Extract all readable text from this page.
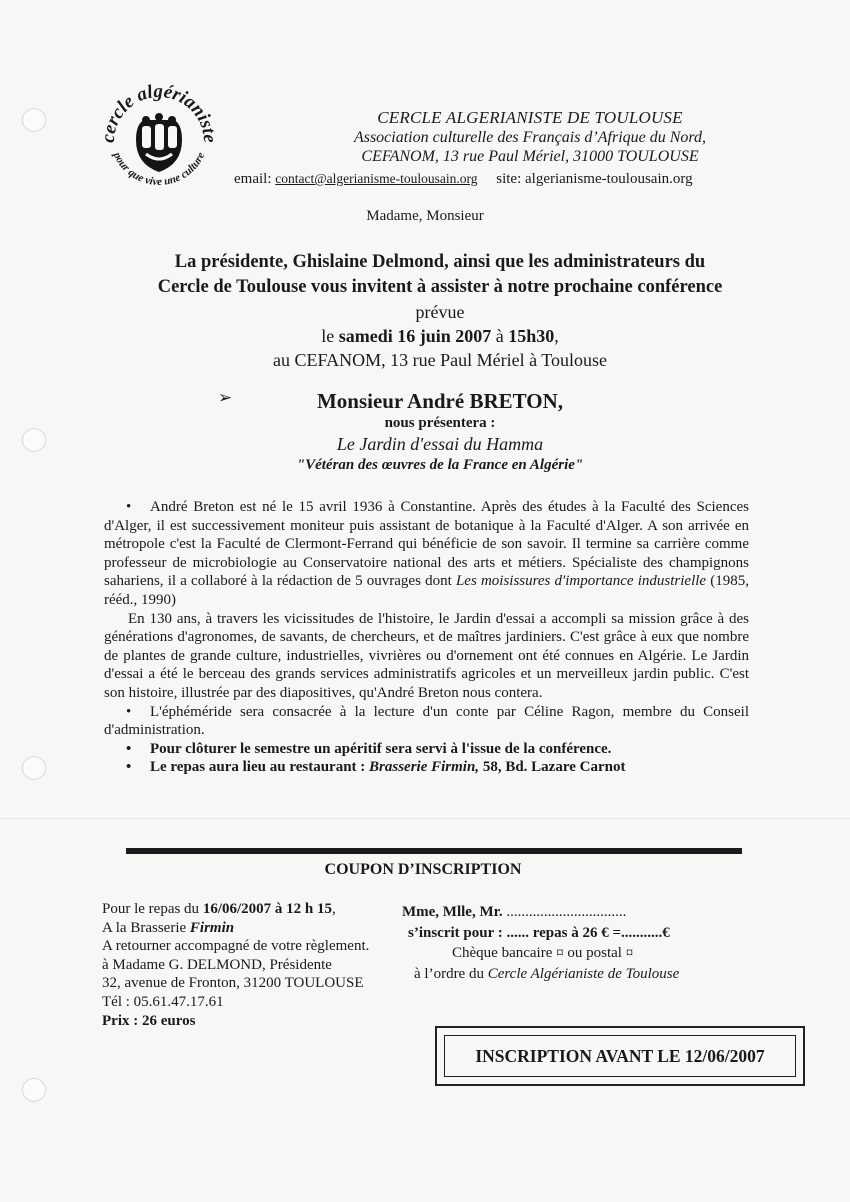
cercle algérianiste
pour que vive une culture
CERCLE ALGERIANISTE DE TOULOUSE
Association culturelle des Français d’Afrique du Nord,
CEFANOM, 13 rue Paul Mériel, 31000 TOULOUSE
email: contact@algerianisme-toulousain.org site: algerianisme-toulousain.org
Madame, Monsieur
La présidente, Ghislaine Delmond, ainsi que les administrateurs du
Cercle de Toulouse vous invitent à assister à notre prochaine conférence
prévue
le samedi 16 juin 2007 à 15h30,
au CEFANOM, 13 rue Paul Mériel à Toulouse
➢	Monsieur André BRETON,
nous présentera :
Le Jardin d'essai du Hamma
"Vétéran des œuvres de la France en Algérie"

• André Breton est né le 15 avril 1936 à Constantine. Après des études à la Faculté des Sciences d'Alger, il est successivement moniteur puis assistant de botanique à la Faculté d'Alger. A son arrivée en métropole c'est la Faculté de Clermont-Ferrand qui bénéficie de son savoir. Il termine sa carrière comme professeur de microbiologie au Conservatoire national des arts et métiers. Spécialiste des champignons sahariens, il a collaboré à la rédaction de 5 ouvrages dont Les moisissures d'importance industrielle (1985, rééd., 1990)

En 130 ans, à travers les vicissitudes de l'histoire, le Jardin d'essai a accompli sa mission grâce à des générations d'agronomes, de savants, de chercheurs, et de maîtres jardiniers. C'est grâce à eux que nombre de plantes de grande culture, industrielles, vivrières ou d'ornement ont été connues en Algérie. Le Jardin d'essai a été le berceau des grands services administratifs agricoles et un merveilleux jardin public. C'est son histoire, illustrée par des diapositives, qu'André Breton nous contera.

• L'éphéméride sera consacrée à la lecture d'un conte par Céline Ragon, membre du Conseil d'administration.

• Pour clôturer le semestre un apéritif sera servi à l'issue de la conférence.

• Le repas aura lieu au restaurant : Brasserie Firmin, 58, Bd. Lazare Carnot

COUPON D’INSCRIPTION
Pour le repas du 16/06/2007 à 12 h 15,
A la Brasserie Firmin
A retourner accompagné de votre règlement.
à Madame G. DELMOND, Présidente
32, avenue de Fronton, 31200 TOULOUSE
Tél : 05.61.47.17.61
Prix : 26 euros
Mme, Mlle, Mr. ................................
s’inscrit pour : ...... repas à 26 € =...........€
Chèque bancaire ¤ ou postal ¤
à l’ordre du Cercle Algérianiste de Toulouse
INSCRIPTION AVANT LE 12/06/2007
